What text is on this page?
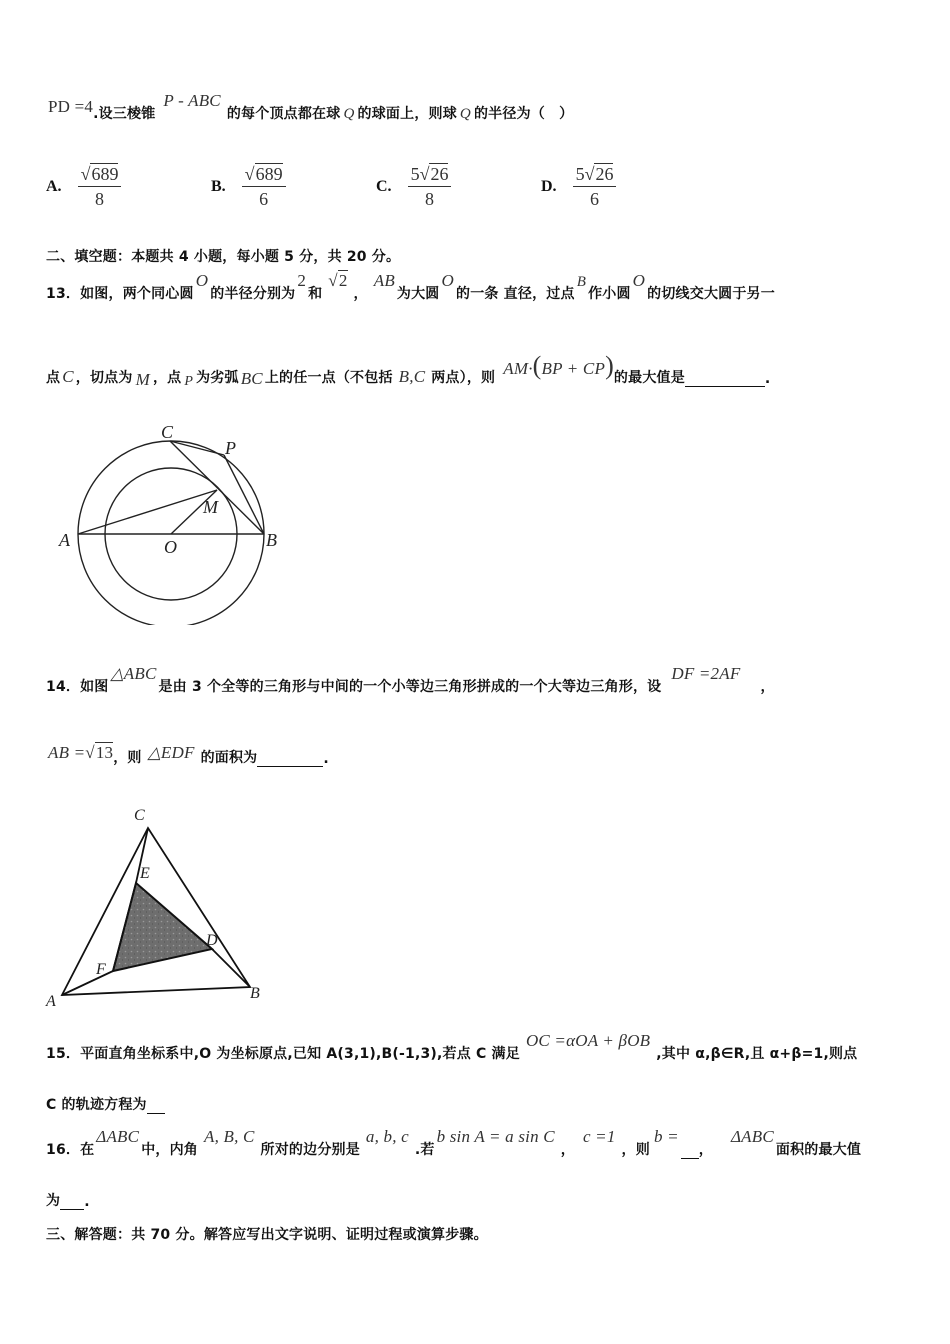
PD =4 .设三棱锥
P - ABC
的每个顶点都在球 Q 的球面上，则球 Q 的半径为（　）
A. $\frac{√689}{8}$	B. $\frac{√689}{6}$	C. $\frac{5√26}{8}$	D. $\frac{5√26}{6}$
二、填空题：本题共 4 小题，每小题 5 分，共 20 分。
13． 如图，两个同心圆
O
的半径分别为
2
和
√2
，
AB
为大圆
O
的一条 直径，过点
B
作小圆
O
的切线交大圆于另一
点 C ，切点为 M ，点 P 为劣弧 BC 上的任一点（不包括 B,C 两点），则 AM·(BP + CP) 的最大值是	.
C
P
M
A	O	B
14． 如图
△ABC
是由 3 个全等的三角形与中间的一个小等边三角形拼成的一个大等边三角形，设
DF =2AF
，
AB =√13 ，则 △EDF 的面积为	.
C
E
D
F
A	B
15． 平面直角坐标系中,O 为坐标原点,已知 A(3,1),B(-1,3),若点 C 满足
OC =αOA + βOB
,其中 α,β∈R,且 α+β=1,则点
C 的轨迹方程为
16． 在
ΔABC
中，内角
A, B, C
所对的边分别是
a, b, c
.若
b sin A = a sin C
，
c =1
，则
b =
，
ΔABC
面积的最大值
为 .
三、解答题：共 70 分。解答应写出文字说明、证明过程或演算步骤。
